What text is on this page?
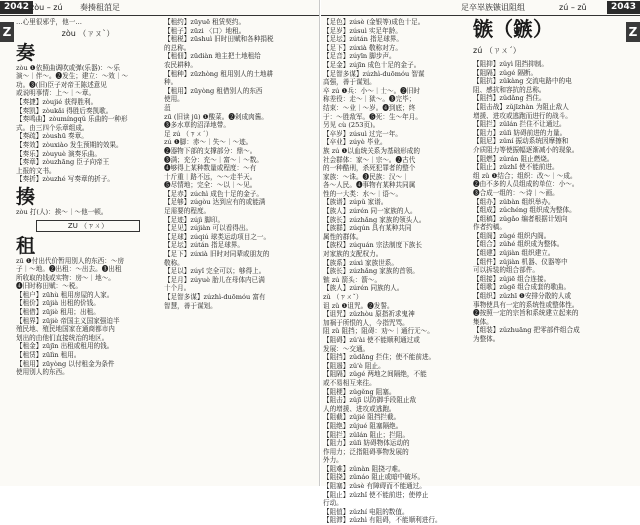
2042 zòu – zú 奏揍租菹足
Z
…心里很邪乎，他一…
zòu （ㄗㄡˋ）
奏
zòu ❶依照曲调吹或弹(乐器)：～乐
演～｜伴～。❷发生；建立：～效｜～
功。❸(旧)臣子对帝王陈述意见
或说明事情：上～｜～章。
【奏捷】zòujié 获得胜利。
【奏凯】zòukǎi 得胜后奏凯歌。
【奏鸣曲】zòumíngqǔ 乐曲的一种形
式。由三四个乐章组成。
【奏疏】zòushū 奏章。
【奏效】zòuxiào 发生预期的效果。
【奏乐】zòuyuè 演奏乐曲。
【奏章】zòuzhāng 臣子向帝王
上报的文书。
【奏折】zòuzhé 写奏章的折子。
揍
zòu 打(人)：挨～｜～他一顿。
ZU （ㄗㄨ）
租
zū ❶付出代价暂用别人的东西：～房
子｜～地。❷出租：～出去。❸出租
所收取的钱或实物：房～｜地～。
❹旧时称田赋：～税。
【租户】zūhù 租用房屋的人家。
【租价】zūjià 出租的价钱。
【租借】zūjiè 租用；出租。
【租界】zūjiè 帝国主义国家强迫半
殖民地、殖民地国家在通商都市内
划出的由他们直接统治的地区。
【租金】zūjīn 出租或租用的钱。
【租赁】zūlìn 租用。
【租用】zūyòng 以付租金为条件
使用别人的东西。
【租约】zūyuē 租赁契约。
【租子】zūzi 〈口〉地租。
【租税】zūshuì 旧时田赋和各种捐税
的总称。
【租佃】zūdiàn 地主把土地租给
农民耕种。
【租种】zūzhòng 租用别人的土地耕
种。
【租用】zūyòng 租借别人的东西
使用。
菹
zū (旧读 jū) ❶酸菜。❷剁成肉酱。
❸多水草的沼泽地带。
足 zú （ㄗㄨˊ）
zú ❶脚：赤～｜失～｜～迹。
❷器物下部的支撑部分：鼎～。
❸满；充分：充～｜富～｜～数。
❹够得上某种数量或程度：～有
十斤重｜路不远，～～走半天。
❺尽情地；完全：～以｜～见。
【足赤】zúchì 成色十足的金子。
【足够】zúgòu 达到应有的或能满
足需要的程度。
【足迹】zújì 脚印。
【足见】zújiàn 可以看得出。
【足球】zúqiú 球类运动项目之一。
【足坛】zútán 指足球界。
【足下】zúxià 旧时对同辈或朋友的
敬称。
【足以】zúyǐ 完全可以；够得上。
【足月】zúyuè 胎儿在母体内已满
十个月。
【足智多谋】zúzhì-duōmóu 富有
智慧，善于谋划。
足卒崒族镞诅阻组	zú – zǔ	2043
Z
【足色】zúsè (金银等)成色十足。
【足岁】zúsuì 实足年龄。
【足坛】zútán 指足球界。
【足下】zúxià 敬称对方。
【足音】zúyīn 脚步声。
【足金】zújīn 成色十足的金子。
【足智多谋】zúzhì-duōmóu 智谋
高强，善于谋划。
卒 zú ❶兵：小～｜士～。❷旧时
称差役：走～｜狱～。❸完毕；
结束：～业｜～岁。❹到底；终
于：～胜敌军。❺死：生～年月。
另见 cù (253页)。
【卒岁】zúsuì 过完一年。
【卒业】zúyè 毕业。
族 zú ❶以血统关系为基础形成的
社会群体：家～｜宗～。❷古代
的一种酷刑，杀死犯罪者的整个
家族：～诛。❸民族：汉～｜
各～人民。❹事物有某种共同属
性的一大类：水～｜语～。
【族谱】zúpǔ 家谱。
【族人】zúrén 同一家族的人。
【族长】zúzhǎng 家族的领头人。
【族群】zúqún 具有某种共同
属性的群体。
【族权】zúquán 宗法制度下族长
对家族的支配权力。
【族系】zúxì 家族世系。
【族长】zúzhǎng 家族的首领。
镞 zú 箭头：箭～。
【族人】zúrén 同族的人。
zǔ （ㄗㄨˇ）
诅 zǔ ❶诅咒。❷发誓。
【诅咒】zǔzhòu 原指祈求鬼神
加祸于所恨的人，今指咒骂。
阻 zǔ 阻挡；阻碍：劝～｜通行无～。
【阻碍】zǔ'ài 使不能顺利通过或
发展：～交通。
【阻挡】zǔdǎng 拦住；使不能前进。
【阻遏】zǔ'è 阻止。
【阻隔】zǔgé 两地之间隔绝，不能
或不易相互来往。
【阻梗】zǔgěng 阻塞。
【阻击】zǔjī 以防御手段阻止敌
人的增援、进攻或逃跑。
【阻截】zǔjié 阻挡拦截。
【阻绝】zǔjué 阻塞隔绝。
【阻拦】zǔlán 阻止；拦阻。
【阻力】zǔlì 妨碍物体运动的
作用力；泛指阻碍事物发展的
外力。
【阻难】zǔnàn 阻挠刁难。
【阻挠】zǔnáo 阻止或暗中破坏。
【阻塞】zǔsè 有障碍而不能通过。
【阻止】zǔzhǐ 使不能前进；使停止
行动。
【阻值】zǔzhí 电阻的数值。
【阻滞】zǔzhì 有阻碍，不能顺利进行。
镞（鏃）
zú （ㄗㄨˊ）
【阻抑】zǔyì 阻挡抑制。
【阻隔】zǔgé 隔断。
【阻抗】zǔkàng 交流电路中的电
阻、感抗和容抗的总称。
【阻挡】zǔdǎng 挡住。
【阻击战】zǔjīzhàn 为阻止敌人
增援、进攻或逃跑而进行的战斗。
【阻拦】zǔlán 拦住不让通过。
【阻力】zǔlì 妨碍前进的力量。
【阻尼】zǔní 振动系统因摩擦和
介质阻力等使振幅逐渐减小的现象。
【阻燃】zǔrán 阻止燃烧。
【阻止】zǔzhǐ 使不能前进。
组 zǔ ❶结合；组织：改～｜～成。
❷由不多的人员组成的单位：小～。
❸合成一组的：～诗｜～画。
【组办】zǔbàn 组织举办。
【组成】zǔchéng 组织成为整体。
【组稿】zǔgǎo 编者根据计划向
作者约稿。
【组阁】zǔgé 组织内阁。
【组合】zǔhé 组织成为整体。
【组建】zǔjiàn 组织建立。
【组件】zǔjiàn 机器、仪器等中
可以拆装的组合部件。
【组接】zǔjiē 组合连接。
【组歌】zǔgē 组合成套的歌曲。
【组织】zǔzhī ❶安排分散的人或
事物使具有一定的系统性或整体性。
❷按照一定的宗旨和系统建立起来的
集体。
【组装】zǔzhuāng 把零部件组合成
为整体。
